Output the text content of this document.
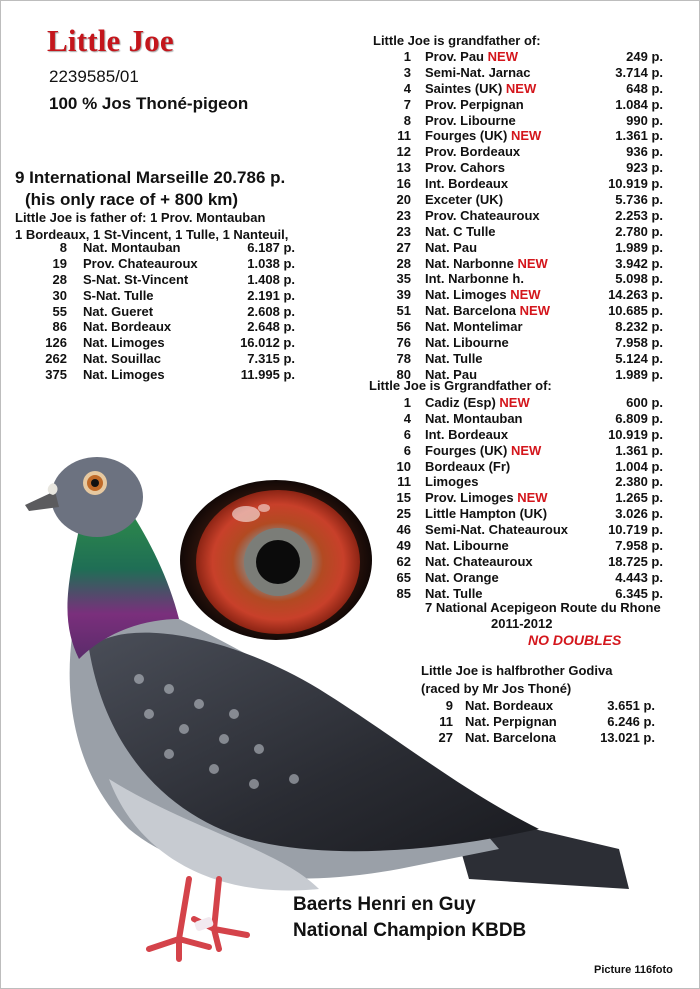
Little Joe
2239585/01
100 % Jos Thoné-pigeon
9 International Marseille 20.786 p.
(his only race of + 800 km)
Little Joe is father of: 1 Prov. Montauban
1 Bordeaux, 1 St-Vincent, 1 Tulle, 1 Nanteuil,
8 Nat. Montauban	6.187 p.
19 Prov. Chateauroux	1.038 p.
28 S-Nat. St-Vincent	1.408 p.
30 S-Nat. Tulle	2.191 p.
55 Nat. Gueret	2.608 p.
86 Nat. Bordeaux	2.648 p.
126 Nat. Limoges	16.012 p.
262 Nat. Souillac	7.315 p.
375 Nat. Limoges	11.995 p.
Little Joe is grandfather of:
1 Prov. Pau NEW	249 p.
3 Semi-Nat. Jarnac	3.714 p.
4 Saintes (UK) NEW	648 p.
7 Prov. Perpignan	1.084 p.
8 Prov. Libourne	990 p.
11 Fourges (UK) NEW	1.361 p.
12 Prov. Bordeaux	936 p.
13 Prov. Cahors	923 p.
16 Int. Bordeaux	10.919 p.
20 Exceter (UK)	5.736 p.
23 Prov. Chateauroux	2.253 p.
23 Nat. C Tulle	2.780 p.
27 Nat. Pau	1.989 p.
28 Nat. Narbonne NEW	3.942 p.
35 Int. Narbonne h.	5.098 p.
39 Nat. Limoges NEW	14.263 p.
51 Nat. Barcelona NEW	10.685 p.
56 Nat. Montelimar	8.232 p.
76 Nat. Libourne	7.958 p.
78 Nat. Tulle	5.124 p.
80 Nat. Pau	1.989 p.
Little Joe is Grgrandfather of:
1 Cadiz (Esp) NEW	600 p.
4 Nat. Montauban	6.809 p.
6 Int. Bordeaux	10.919 p.
6 Fourges (UK) NEW	1.361 p.
10 Bordeaux (Fr)	1.004 p.
11 Limoges	2.380 p.
15 Prov. Limoges NEW	1.265 p.
25 Little Hampton (UK)	3.026 p.
46 Semi-Nat. Chateauroux	10.719 p.
49 Nat. Libourne	7.958 p.
62 Nat. Chateauroux	18.725 p.
65 Nat. Orange	4.443 p.
85 Nat. Tulle	6.345 p.
7 National Acepigeon Route du Rhone
2011-2012
NO DOUBLES
Little Joe is halfbrother Godiva
(raced by Mr Jos Thoné)
9 Nat. Bordeaux	3.651 p.
11 Nat. Perpignan	6.246 p.
27 Nat. Barcelona	13.021 p.
Baerts Henri en Guy
National Champion KBDB
Picture 116foto
